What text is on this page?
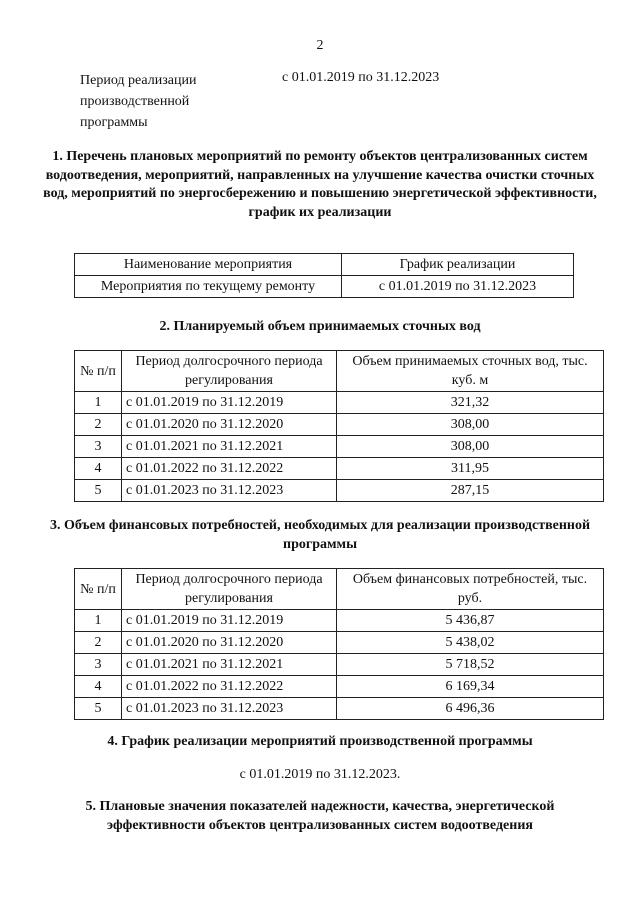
2
Период реализации производственной программы
с 01.01.2019 по 31.12.2023
1. Перечень плановых мероприятий по ремонту объектов централизованных систем водоотведения, мероприятий, направленных на улучшение качества очистки сточных вод, мероприятий по энергосбережению и повышению энергетической эффективности, график их реализации
Наименование мероприятия	График реализации
Мероприятия по текущему ремонту	с 01.01.2019 по 31.12.2023
2. Планируемый объем принимаемых сточных вод
№ п/п	Период долгосрочного периода регулирования	Объем принимаемых сточных вод, тыс. куб. м
1	с 01.01.2019 по 31.12.2019	321,32
2	с 01.01.2020 по 31.12.2020	308,00
3	с 01.01.2021 по 31.12.2021	308,00
4	с 01.01.2022 по 31.12.2022	311,95
5	с 01.01.2023 по 31.12.2023	287,15
3. Объем финансовых потребностей, необходимых для реализации производственной программы
№ п/п	Период долгосрочного периода регулирования	Объем финансовых потребностей, тыс. руб.
1	с 01.01.2019 по 31.12.2019	5 436,87
2	с 01.01.2020 по 31.12.2020	5 438,02
3	с 01.01.2021 по 31.12.2021	5 718,52
4	с 01.01.2022 по 31.12.2022	6 169,34
5	с 01.01.2023 по 31.12.2023	6 496,36
4. График реализации мероприятий производственной программы
с 01.01.2019 по 31.12.2023.
5. Плановые значения показателей надежности, качества, энергетической эффективности объектов централизованных систем водоотведения
